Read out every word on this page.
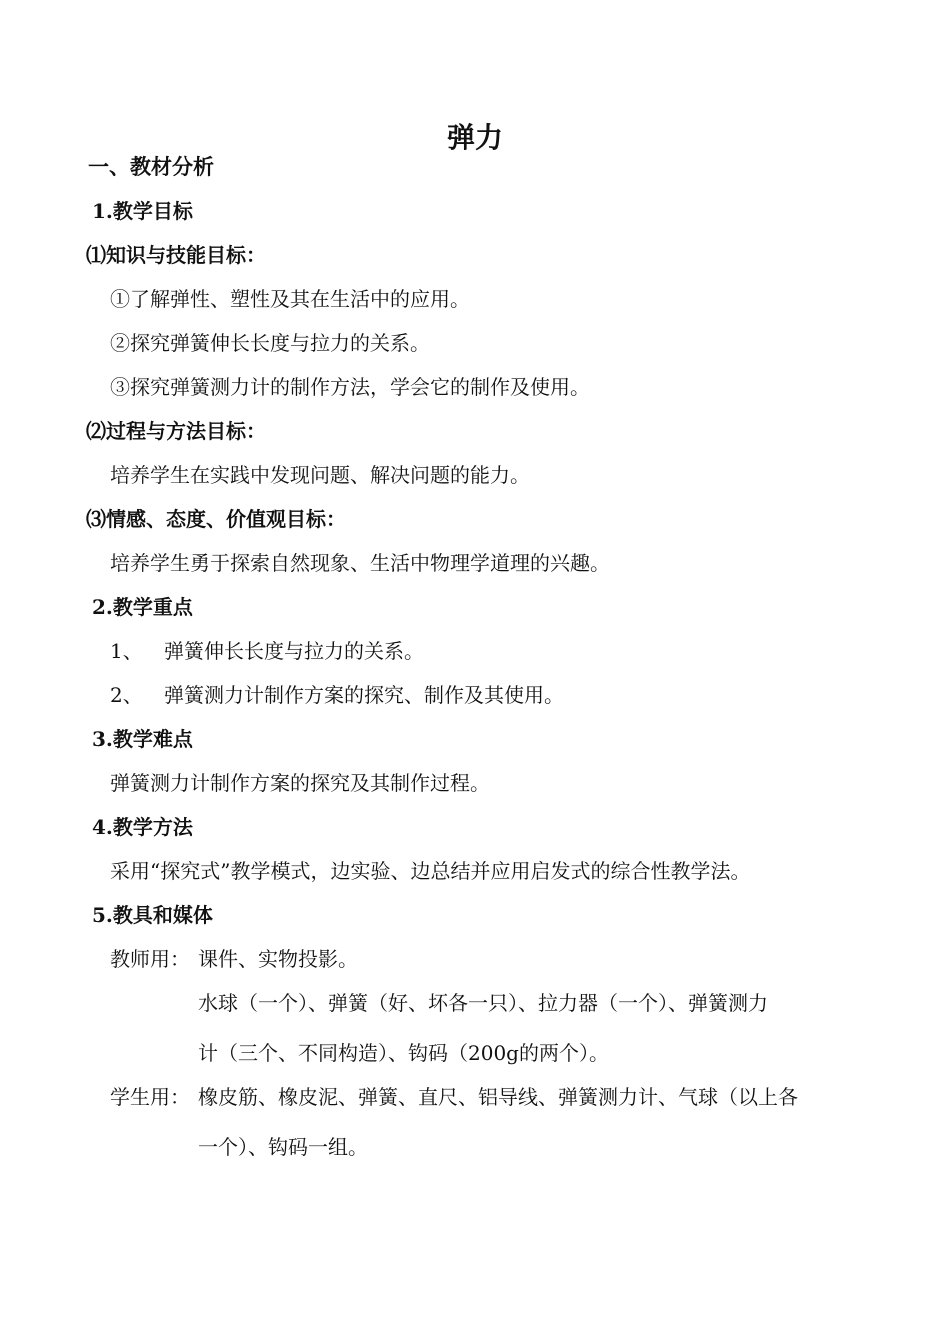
弹力
一、教材分析
1.教学目标
⑴知识与技能目标：
①了解弹性、塑性及其在生活中的应用。
②探究弹簧伸长长度与拉力的关系。
③探究弹簧测力计的制作方法，学会它的制作及使用。
⑵过程与方法目标：
培养学生在实践中发现问题、解决问题的能力。
⑶情感、态度、价值观目标：
培养学生勇于探索自然现象、生活中物理学道理的兴趣。
2.教学重点
1、 弹簧伸长长度与拉力的关系。
2、 弹簧测力计制作方案的探究、制作及其使用。
3.教学难点
弹簧测力计制作方案的探究及其制作过程。
4.教学方法
采用“探究式”教学模式，边实验、边总结并应用启发式的综合性教学法。
5.教具和媒体
教师用： 课件、实物投影。
水球（一个）、弹簧（好、坏各一只）、拉力器（一个）、弹簧测力
计（三个、不同构造）、钩码（200g的两个）。
学生用： 橡皮筋、橡皮泥、弹簧、直尺、铝导线、弹簧测力计、气球（以上各
一个）、钩码一组。
